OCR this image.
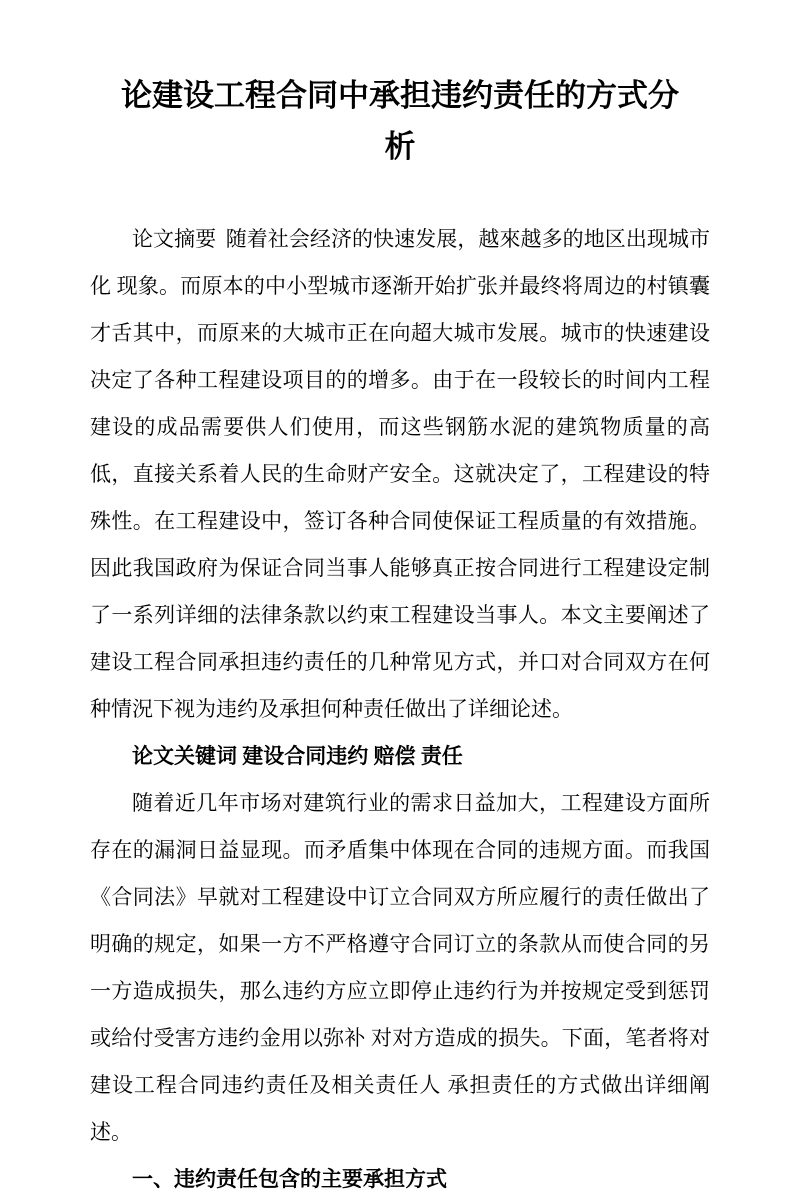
论建设工程合同中承担违约责任的方式分析

论文摘要 随着社会经济的快速发展，越來越多的地区出现城市化 现象。而原本的中小型城市逐渐开始扩张并最终将周边的村镇囊才舌其中，而原来的大城市正在向超大城市发展。城市的快速建设决定了各种工程建设项目的的增多。由于在一段较长的时间内工程建设的成品需要供人们使用，而这些钢筋水泥的建筑物质量的高低，直接关系着人民的生命财产安全。这就决定了，工程建设的特殊性。在工程建设中，签订各种合同使保证工程质量的有效措施。因此我国政府为保证合同当事人能够真正按合同进行工程建设定制了一系列详细的法律条款以约束工程建设当事人。本文主要阐述了建设工程合同承担违约责任的几种常见方式，并口对合同双方在何种情況下视为违约及承担何种责任做出了详细论述。

论文关键词 建设合同违约 赔偿 责任

随着近几年市场对建筑行业的需求日益加大，工程建设方面所存在的漏洞日益显现。而矛盾集中体现在合同的违规方面。而我国《合同法》早就对工程建设中订立合同双方所应履行的责任做出了明确的规定，如果一方不严格遵守合同订立的条款从而使合同的另一方造成损失，那么违约方应立即停止违约行为并按规定受到惩罚或给付受害方违约金用以弥补 对对方造成的损失。下面，笔者将对建设工程合同违约责任及相关责任人 承担责任的方式做出详细阐述。

一、违约责任包含的主要承担方式
